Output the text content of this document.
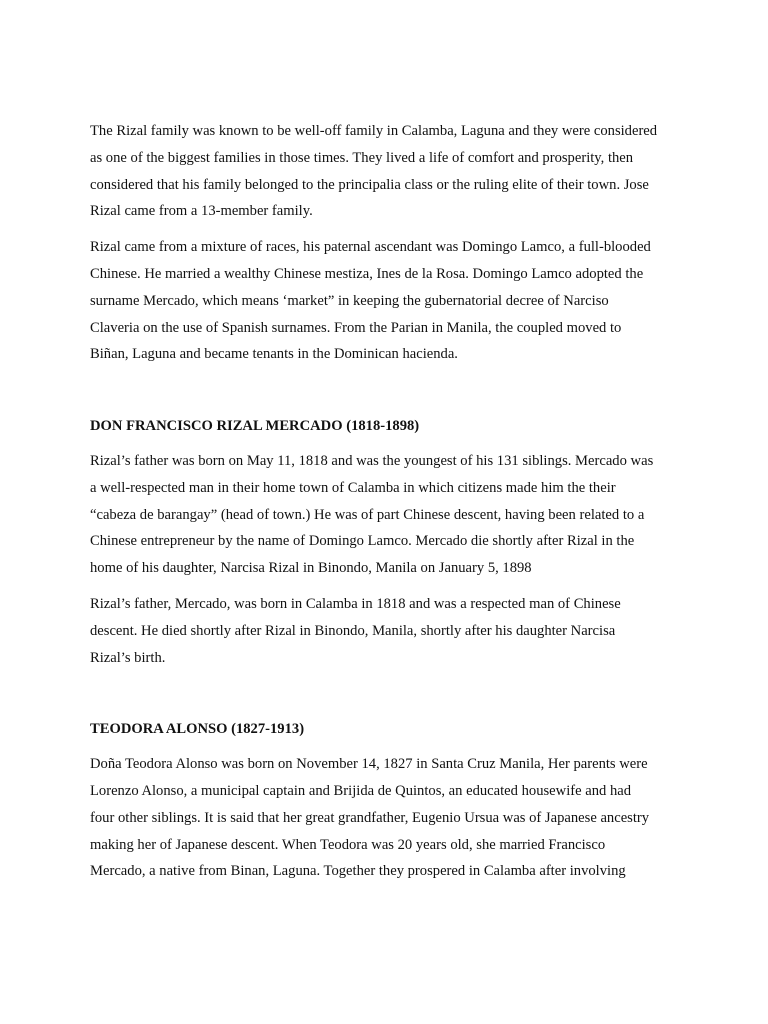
The Rizal family was known to be well-off family in Calamba, Laguna and they were considered
as one of the biggest families in those times. They lived a life of comfort and prosperity, then
considered that his family belonged to the principalia class or the ruling elite of their town. Jose
Rizal came from a 13-member family.

Rizal came from a mixture of races, his paternal ascendant was Domingo Lamco, a full-blooded
Chinese. He married a wealthy Chinese mestiza, Ines de la Rosa. Domingo Lamco adopted the
surname Mercado, which means ‘market” in keeping the gubernatorial decree of Narciso
Claveria on the use of Spanish surnames. From the Parian in Manila, the coupled moved to
Biñan, Laguna and became tenants in the Dominican hacienda.

DON FRANCISCO RIZAL MERCADO (1818-1898)

Rizal’s father was born on May 11, 1818 and was the youngest of his 131 siblings. Mercado was
a well-respected man in their home town of Calamba in which citizens made him the their
“cabeza de barangay” (head of town.) He was of part Chinese descent, having been related to a
Chinese entrepreneur by the name of Domingo Lamco. Mercado die shortly after Rizal in the
home of his daughter, Narcisa Rizal in Binondo, Manila on January 5, 1898

Rizal’s father, Mercado, was born in Calamba in 1818 and was a respected man of Chinese
descent. He died shortly after Rizal in Binondo, Manila, shortly after his daughter Narcisa
Rizal’s birth.

TEODORA ALONSO (1827-1913)

Doña Teodora Alonso was born on November 14, 1827 in Santa Cruz Manila, Her parents were
Lorenzo Alonso, a municipal captain and Brijida de Quintos, an educated housewife and had
four other siblings. It is said that her great grandfather, Eugenio Ursua was of Japanese ancestry
making her of Japanese descent. When Teodora was 20 years old, she married Francisco
Mercado, a native from Binan, Laguna. Together they prospered in Calamba after involving
